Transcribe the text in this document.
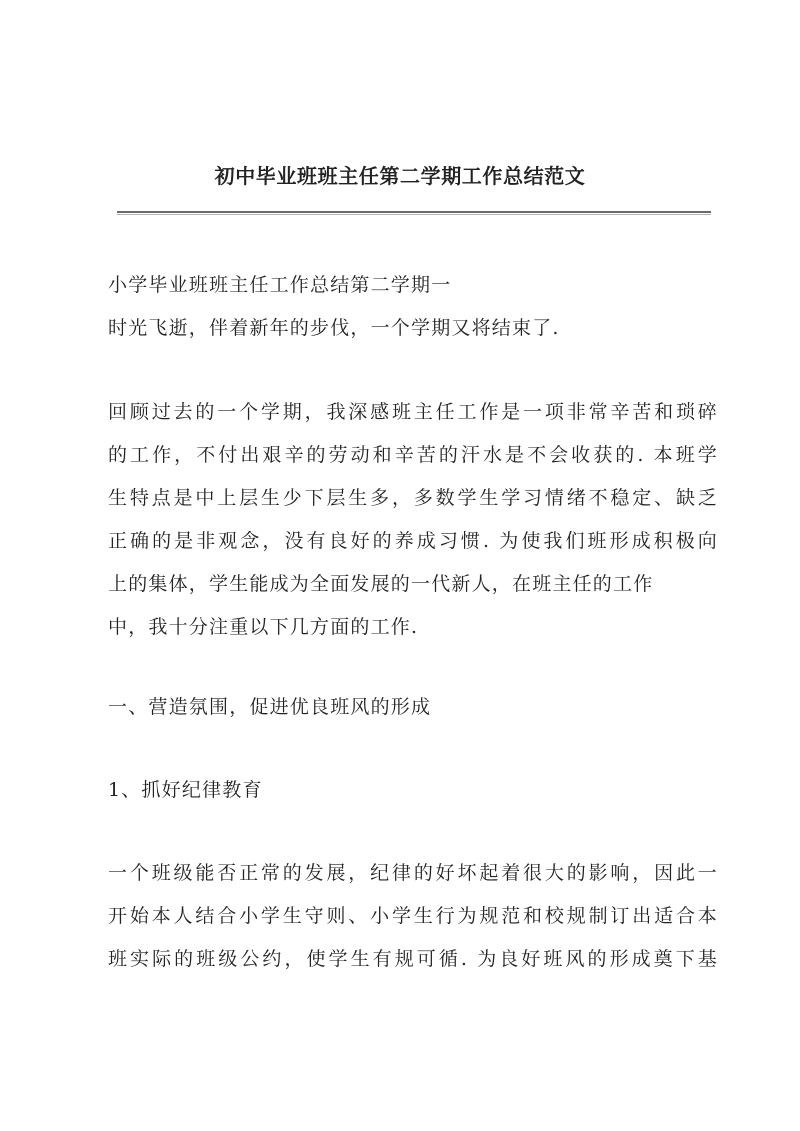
初中毕业班班主任第二学期工作总结范文
小学毕业班班主任工作总结第二学期一
时光飞逝，伴着新年的步伐，一个学期又将结束了.
回顾过去的一个学期，我深感班主任工作是一项非常辛苦和琐碎
的工作，不付出艰辛的劳动和辛苦的汗水是不会收获的. 本班学
生特点是中上层生少下层生多，多数学生学习情绪不稳定、缺乏
正确的是非观念，没有良好的养成习惯. 为使我们班形成积极向
上的集体，学生能成为全面发展的一代新人，在班主任的工作
中，我十分注重以下几方面的工作.
一、营造氛围，促进优良班风的形成
1、抓好纪律教育
一个班级能否正常的发展，纪律的好坏起着很大的影响，因此一
开始本人结合小学生守则、小学生行为规范和校规制订出适合本
班实际的班级公约，使学生有规可循. 为良好班风的形成奠下基
